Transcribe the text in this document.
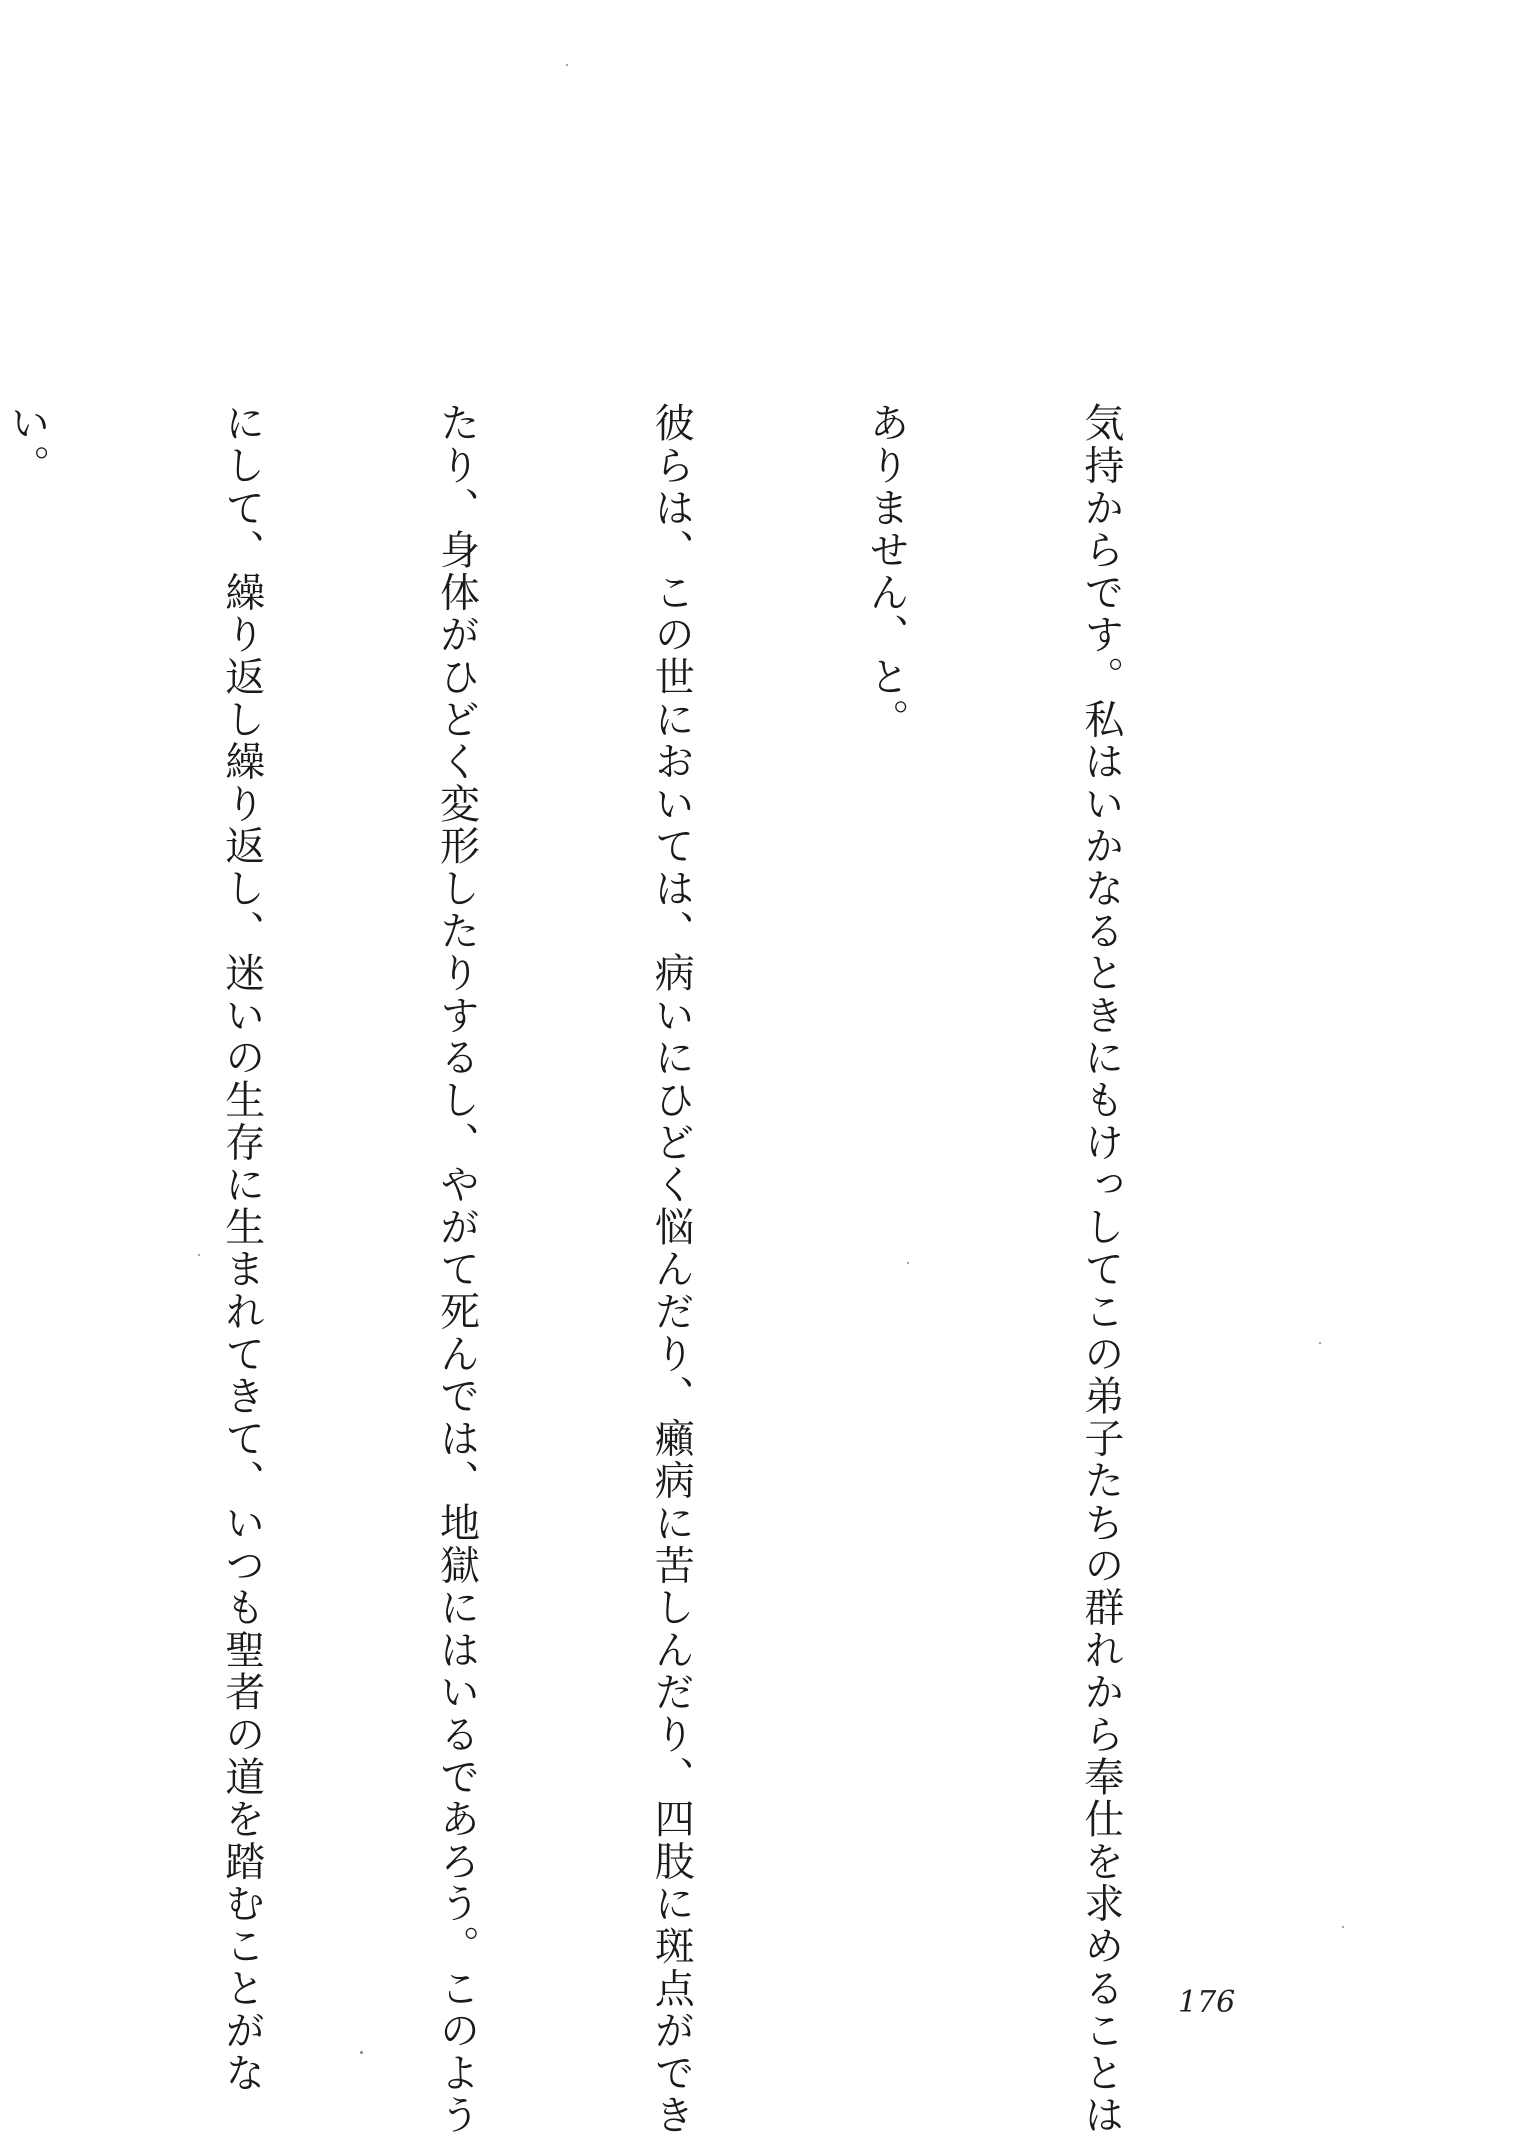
気持からです。私はいかなるときにもけっしてこの弟子たちの群れから奉仕を求めることは

ありません、と。

彼らは、この世においては、病いにひどく悩んだり、癩病に苦しんだり、四肢に斑点ができ

たり、身体がひどく変形したりするし、やがて死んでは、地獄にはいるであろう。このよう

にして、繰り返し繰り返し、迷いの生存に生まれてきて、いつも聖者の道を踏むことがな

い。

176
